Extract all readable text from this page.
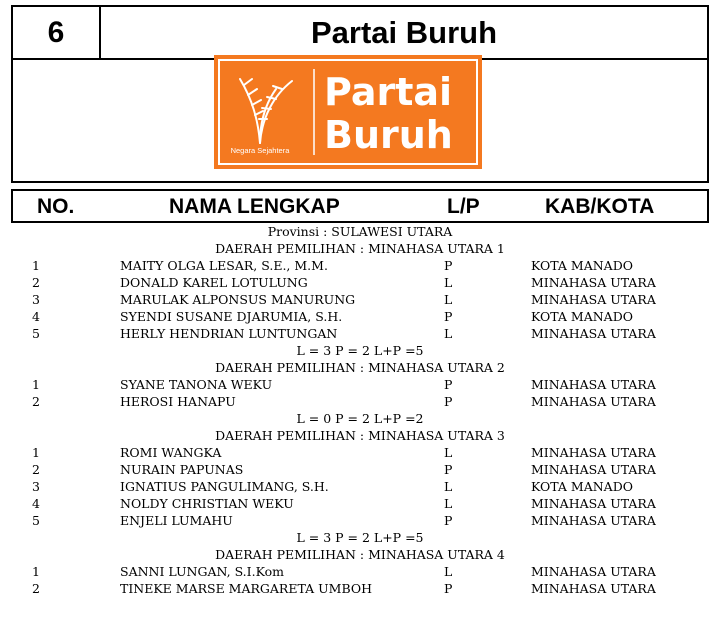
6	Partai Buruh
Negara Sejahtera
Partai
Buruh
NO.	NAMA LENGKAP	L/P	KAB/KOTA
Provinsi : SULAWESI UTARA
DAERAH PEMILIHAN : MINAHASA UTARA 1
1	MAITY OLGA LESAR, S.E., M.M.	P	KOTA MANADO
2	DONALD KAREL LOTULUNG	L	MINAHASA UTARA
3	MARULAK ALPONSUS MANURUNG	L	MINAHASA UTARA
4	SYENDI SUSANE DJARUMIA, S.H.	P	KOTA MANADO
5	HERLY HENDRIAN LUNTUNGAN	L	MINAHASA UTARA
L = 3 P = 2 L+P =5
DAERAH PEMILIHAN : MINAHASA UTARA 2
1	SYANE TANONA WEKU	P	MINAHASA UTARA
2	HEROSI HANAPU	P	MINAHASA UTARA
L = 0 P = 2 L+P =2
DAERAH PEMILIHAN : MINAHASA UTARA 3
1	ROMI WANGKA	L	MINAHASA UTARA
2	NURAIN PAPUNAS	P	MINAHASA UTARA
3	IGNATIUS PANGULIMANG, S.H.	L	KOTA MANADO
4	NOLDY CHRISTIAN WEKU	L	MINAHASA UTARA
5	ENJELI LUMAHU	P	MINAHASA UTARA
L = 3 P = 2 L+P =5
DAERAH PEMILIHAN : MINAHASA UTARA 4
1	SANNI LUNGAN, S.I.Kom	L	MINAHASA UTARA
2	TINEKE MARSE MARGARETA UMBOH	P	MINAHASA UTARA
